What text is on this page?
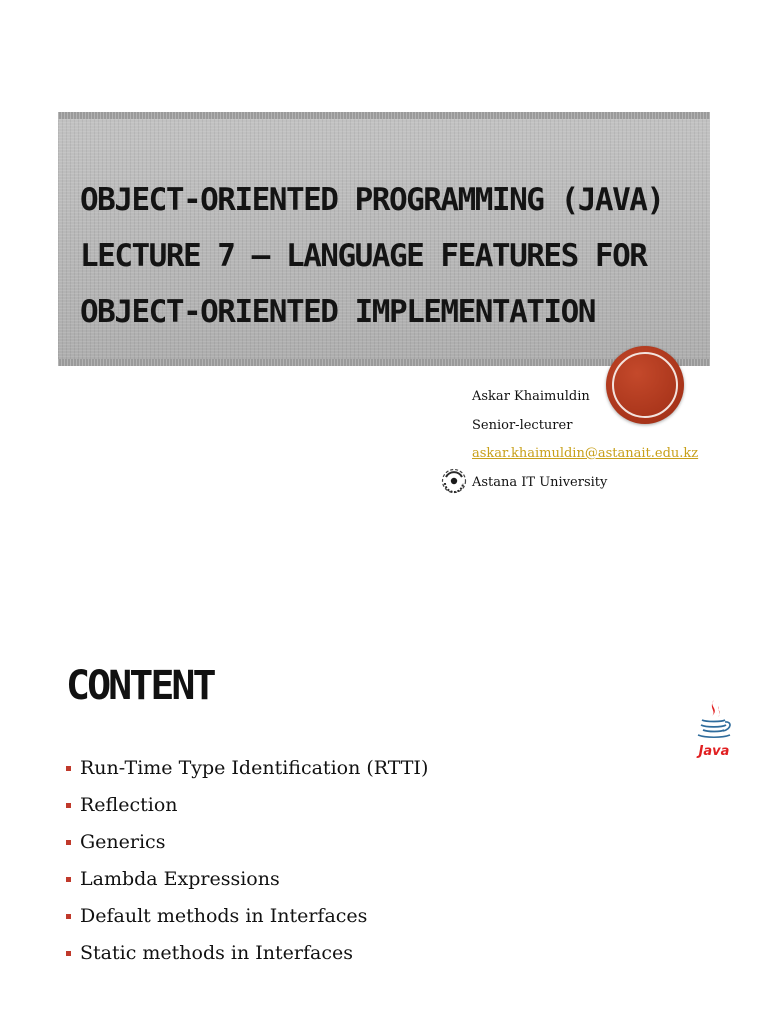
OBJECT-ORIENTED PROGRAMMING (JAVA)
LECTURE 7 – LANGUAGE FEATURES FOR
OBJECT-ORIENTED IMPLEMENTATION
Askar Khaimuldin
Senior-lecturer
askar.khaimuldin@astanait.edu.kz
Astana IT University
CONTENT
Java
Run-Time Type Identification (RTTI)
Reflection
Generics
Lambda Expressions
Default methods in Interfaces
Static methods in Interfaces
